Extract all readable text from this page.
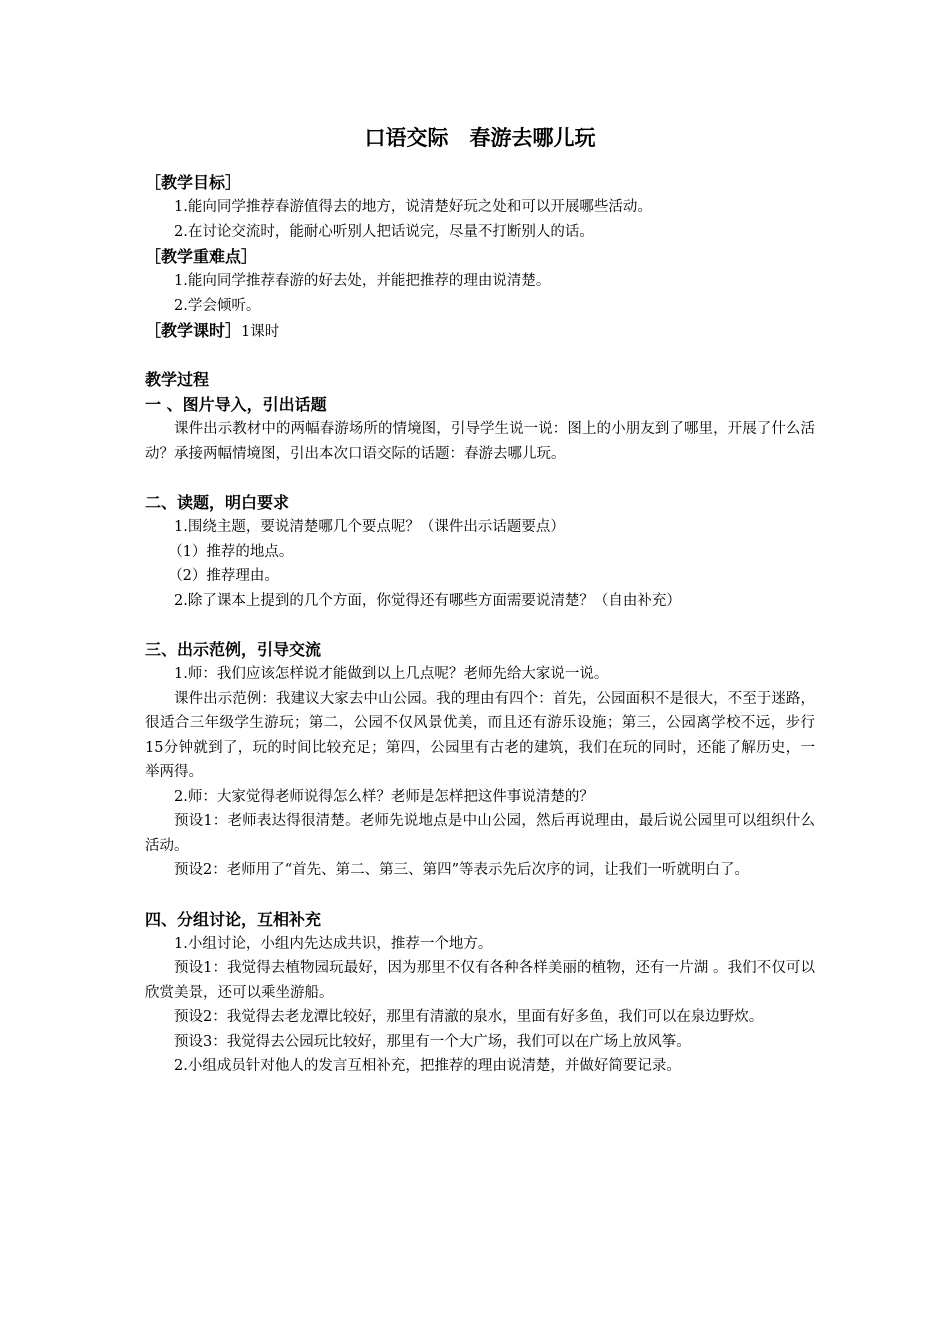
口语交际　春游去哪儿玩

［教学目标］

1.能向同学推荐春游值得去的地方，说清楚好玩之处和可以开展哪些活动。

2.在讨论交流时，能耐心听别人把话说完，尽量不打断别人的话。

［教学重难点］

1.能向同学推荐春游的好去处，并能把推荐的理由说清楚。

2.学会倾听。

［教学课时］1课时

教学过程

一 、图片导入，引出话题

课件出示教材中的两幅春游场所的情境图，引导学生说一说：图上的小朋友到了哪里，开展了什么活动？承接两幅情境图，引出本次口语交际的话题：春游去哪儿玩。

二、读题，明白要求

1.围绕主题，要说清楚哪几个要点呢？（课件出示话题要点）

（1）推荐的地点。

（2）推荐理由。

2.除了课本上提到的几个方面，你觉得还有哪些方面需要说清楚？（自由补充）

三、出示范例，引导交流

1.师：我们应该怎样说才能做到以上几点呢？老师先给大家说一说。

课件出示范例：我建议大家去中山公园。我的理由有四个：首先，公园面积不是很大，不至于迷路，很适合三年级学生游玩；第二，公园不仅风景优美，而且还有游乐设施；第三，公园离学校不远，步行15分钟就到了，玩的时间比较充足；第四，公园里有古老的建筑，我们在玩的同时，还能了解历史，一举两得。

2.师：大家觉得老师说得怎么样？老师是怎样把这件事说清楚的？

预设1：老师表达得很清楚。老师先说地点是中山公园，然后再说理由，最后说公园里可以组织什么活动。

预设2：老师用了“首先、第二、第三、第四”等表示先后次序的词，让我们一听就明白了。

四、分组讨论，互相补充

1.小组讨论，小组内先达成共识，推荐一个地方。

预设1：我觉得去植物园玩最好，因为那里不仅有各种各样美丽的植物，还有一片湖 。我们不仅可以欣赏美景，还可以乘坐游船。

预设2：我觉得去老龙潭比较好，那里有清澈的泉水，里面有好多鱼，我们可以在泉边野炊。

预设3：我觉得去公园玩比较好，那里有一个大广场，我们可以在广场上放风筝。

2.小组成员针对他人的发言互相补充，把推荐的理由说清楚，并做好简要记录。
